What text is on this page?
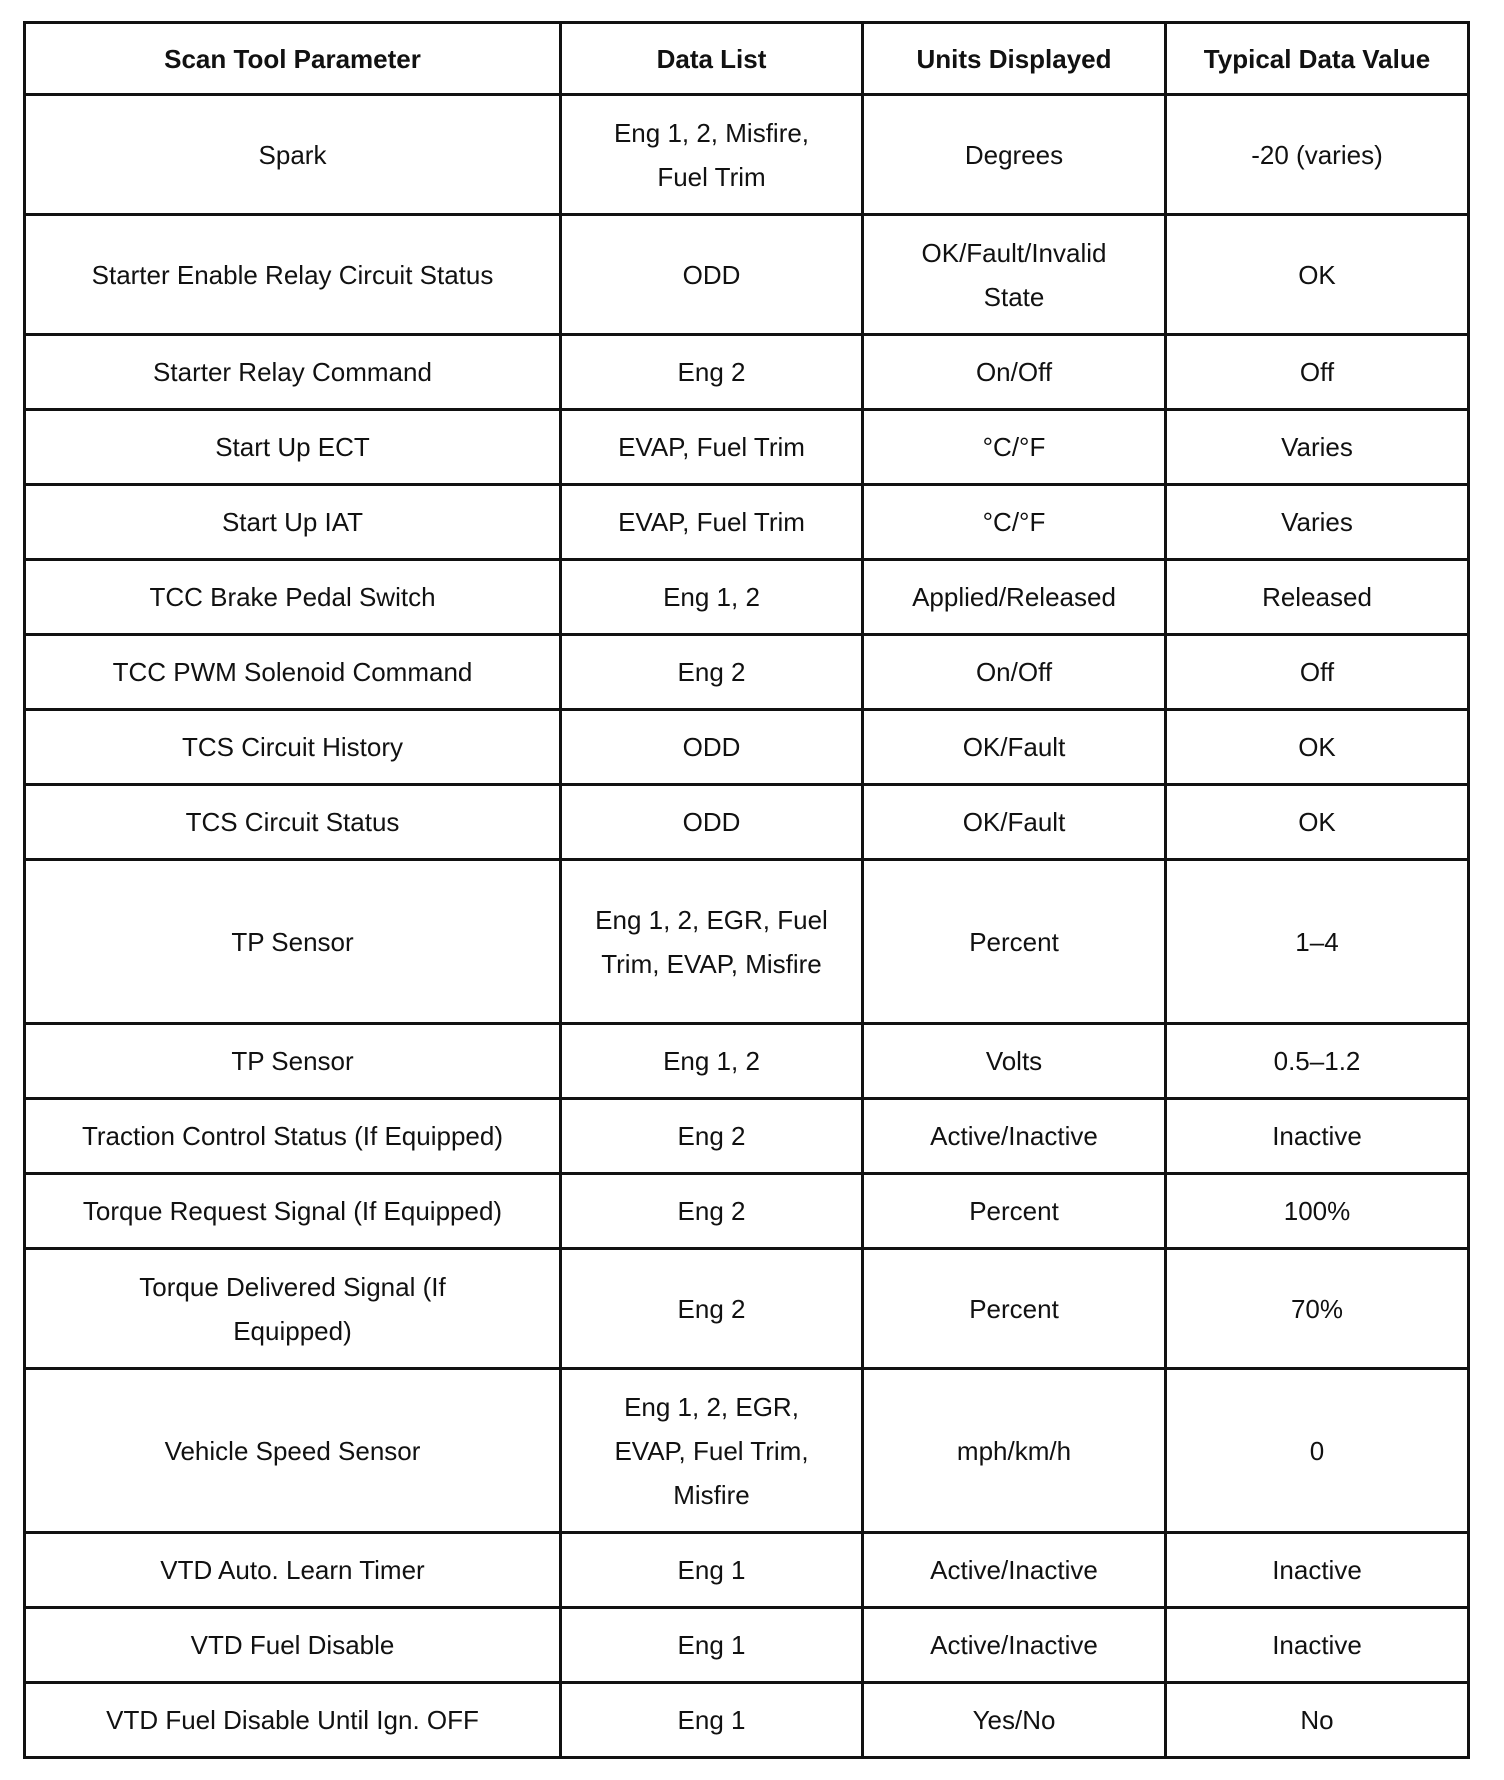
Scan Tool Parameter	Data List	Units Displayed	Typical Data Value
Spark	Eng 1, 2, Misfire, Fuel Trim	Degrees	-20 (varies)
Starter Enable Relay Circuit Status	ODD	OK/Fault/Invalid State	OK
Starter Relay Command	Eng 2	On/Off	Off
Start Up ECT	EVAP, Fuel Trim	°C/°F	Varies
Start Up IAT	EVAP, Fuel Trim	°C/°F	Varies
TCC Brake Pedal Switch	Eng 1, 2	Applied/Released	Released
TCC PWM Solenoid Command	Eng 2	On/Off	Off
TCS Circuit History	ODD	OK/Fault	OK
TCS Circuit Status	ODD	OK/Fault	OK
TP Sensor	Eng 1, 2, EGR, Fuel Trim, EVAP, Misfire	Percent	1–4
TP Sensor	Eng 1, 2	Volts	0.5–1.2
Traction Control Status (If Equipped)	Eng 2	Active/Inactive	Inactive
Torque Request Signal (If Equipped)	Eng 2	Percent	100%
Torque Delivered Signal (If Equipped)	Eng 2	Percent	70%
Vehicle Speed Sensor	Eng 1, 2, EGR, EVAP, Fuel Trim, Misfire	mph/km/h	0
VTD Auto. Learn Timer	Eng 1	Active/Inactive	Inactive
VTD Fuel Disable	Eng 1	Active/Inactive	Inactive
VTD Fuel Disable Until Ign. OFF	Eng 1	Yes/No	No
